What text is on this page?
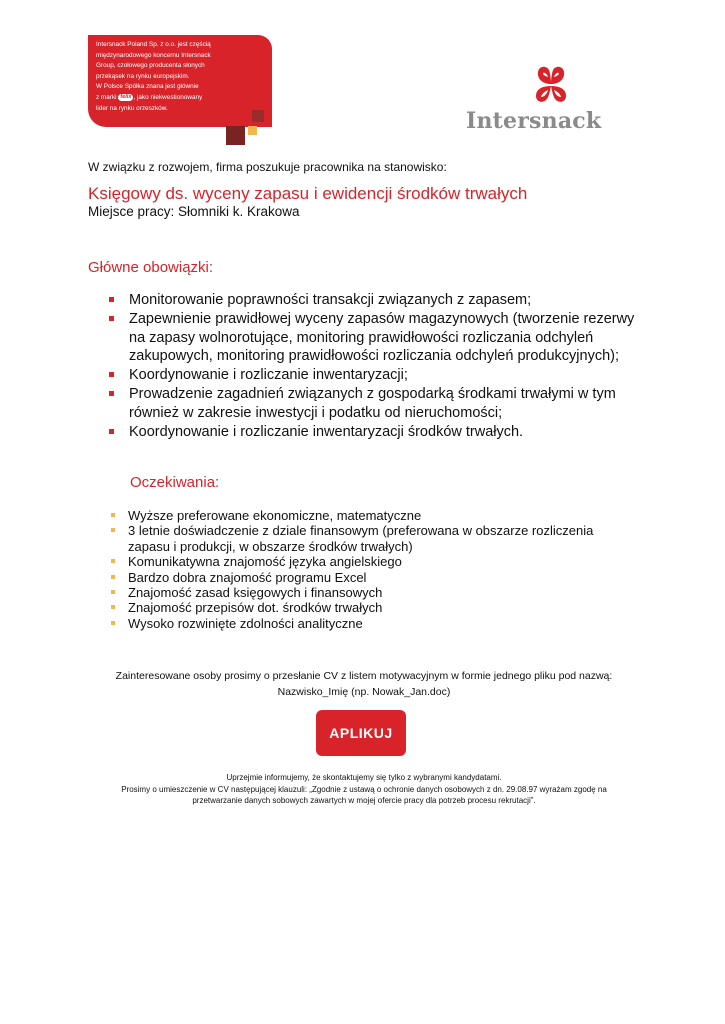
Intersnack Poland Sp. z o.o. jest częścią
międzynarodowego koncernu Intersnack
Group, czołowego producenta słonych
przekąsek na rynku europejskim.
W Polsce Spółka znana jest głównie
z marki felix , jako niekwestionowany
lider na rynku orzeszków.	Intersnack
W związku z rozwojem, firma poszukuje pracownika na stanowisko:
Księgowy ds. wyceny zapasu i ewidencji środków trwałych
Miejsce pracy: Słomniki k. Krakowa
Główne obowiązki:
Monitorowanie poprawności transakcji związanych z zapasem;
Zapewnienie prawidłowej wyceny zapasów magazynowych (tworzenie rezerwy
na zapasy wolnorotujące, monitoring prawidłowości rozliczania odchyleń
zakupowych, monitoring prawidłowości rozliczania odchyleń produkcyjnych);
Koordynowanie i rozliczanie inwentaryzacji;
Prowadzenie zagadnień związanych z gospodarką środkami trwałymi w tym
również w zakresie inwestycji i podatku od nieruchomości;
Koordynowanie i rozliczanie inwentaryzacji środków trwałych.
Oczekiwania:
Wyższe preferowane ekonomiczne, matematyczne
3 letnie doświadczenie z dziale finansowym (preferowana w obszarze rozliczenia
zapasu i produkcji, w obszarze środków trwałych)
Komunikatywna znajomość języka angielskiego
Bardzo dobra znajomość programu Excel
Znajomość zasad księgowych i finansowych
Znajomość przepisów dot. środków trwałych
Wysoko rozwinięte zdolności analityczne
Zainteresowane osoby prosimy o przesłanie CV z listem motywacyjnym w formie jednego pliku pod nazwą:
Nazwisko_Imię (np. Nowak_Jan.doc)
APLIKUJ
Uprzejmie informujemy, że skontaktujemy się tylko z wybranymi kandydatami.
Prosimy o umieszczenie w CV następującej klauzuli: „Zgodnie z ustawą o ochronie danych osobowych z dn. 29.08.97 wyrażam zgodę na
przetwarzanie danych sobowych zawartych w mojej ofercie pracy dla potrzeb procesu rekrutacji”.
